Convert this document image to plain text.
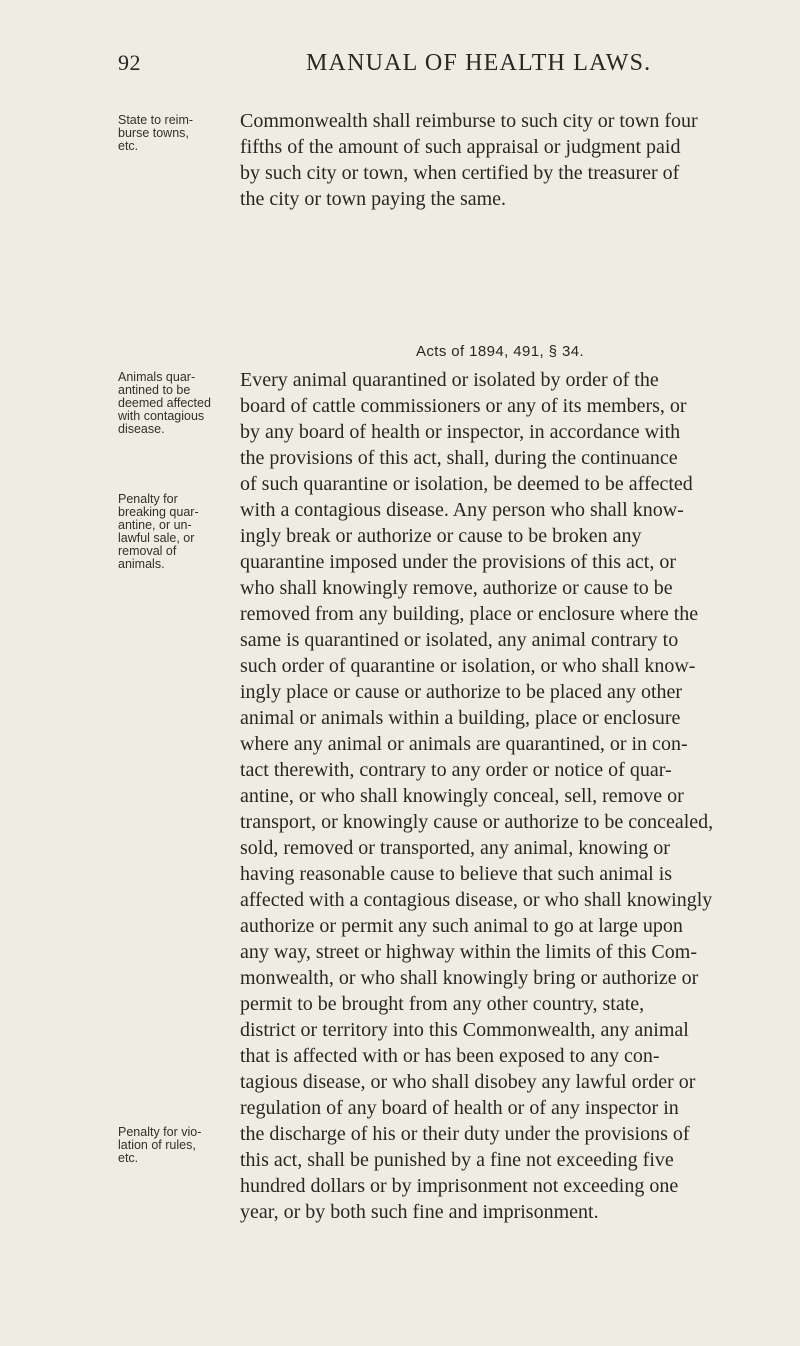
92	MANUAL OF HEALTH LAWS.
State to reim-
burse towns,
etc.
Animals quar-
antined to be
deemed affected
with contagious
disease.
Penalty for
breaking quar-
antine, or un-
lawful sale, or
removal of
animals.
Penalty for vio-
lation of rules,
etc.
Commonwealth shall reimburse to such city or town four
fifths of the amount of such appraisal or judgment paid
by such city or town, when certified by the treasurer of
the city or town paying the same.
Acts of 1894, 491, § 34.
Every animal quarantined or isolated by order of the
board of cattle commissioners or any of its members, or
by any board of health or inspector, in accordance with
the provisions of this act, shall, during the continuance
of such quarantine or isolation, be deemed to be affected
with a contagious disease. Any person who shall know-
ingly break or authorize or cause to be broken any
quarantine imposed under the provisions of this act, or
who shall knowingly remove, authorize or cause to be
removed from any building, place or enclosure where the
same is quarantined or isolated, any animal contrary to
such order of quarantine or isolation, or who shall know-
ingly place or cause or authorize to be placed any other
animal or animals within a building, place or enclosure
where any animal or animals are quarantined, or in con-
tact therewith, contrary to any order or notice of quar-
antine, or who shall knowingly conceal, sell, remove or
transport, or knowingly cause or authorize to be concealed,
sold, removed or transported, any animal, knowing or
having reasonable cause to believe that such animal is
affected with a contagious disease, or who shall knowingly
authorize or permit any such animal to go at large upon
any way, street or highway within the limits of this Com-
monwealth, or who shall knowingly bring or authorize or
permit to be brought from any other country, state,
district or territory into this Commonwealth, any animal
that is affected with or has been exposed to any con-
tagious disease, or who shall disobey any lawful order or
regulation of any board of health or of any inspector in
the discharge of his or their duty under the provisions of
this act, shall be punished by a fine not exceeding five
hundred dollars or by imprisonment not exceeding one
year, or by both such fine and imprisonment.
